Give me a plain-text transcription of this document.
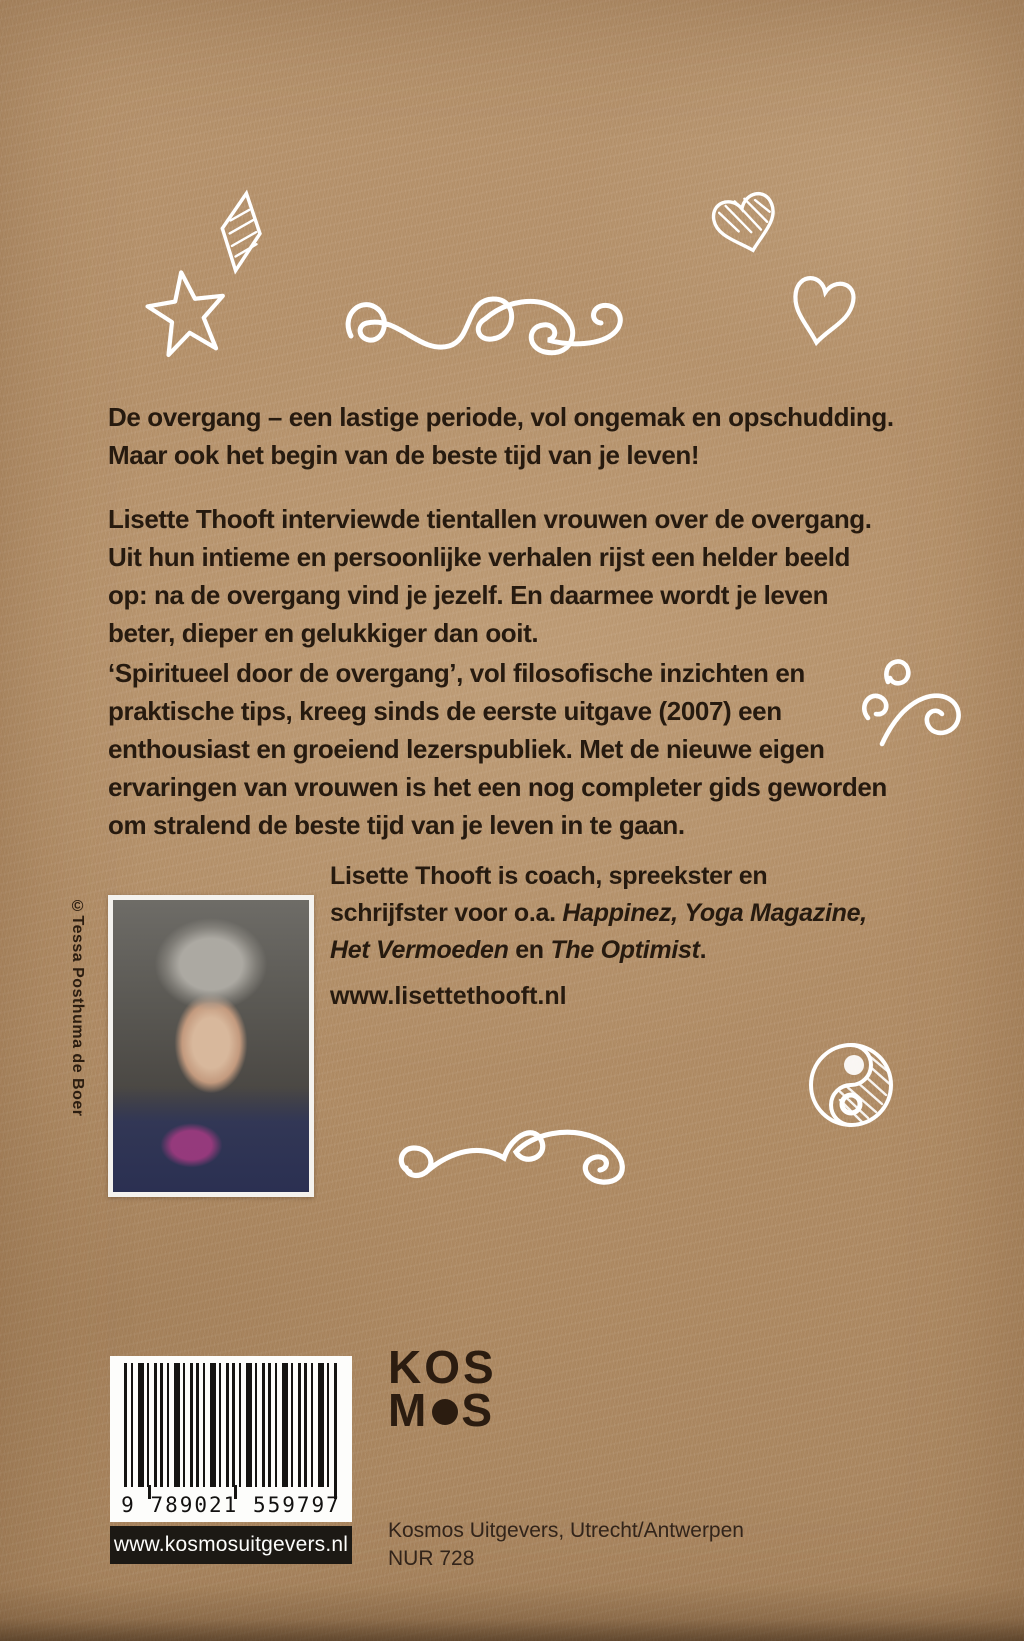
De overgang – een lastige periode, vol ongemak en opschudding.
Maar ook het begin van de beste tijd van je leven!
Lisette Thooft interviewde tientallen vrouwen over de overgang.
Uit hun intieme en persoonlijke verhalen rijst een helder beeld
op: na de overgang vind je jezelf. En daarmee wordt je leven
beter, dieper en gelukkiger dan ooit.
‘Spiritueel door de overgang’, vol filosofische inzichten en
praktische tips, kreeg sinds de eerste uitgave (2007) een
enthousiast en groeiend lezerspubliek. Met de nieuwe eigen
ervaringen van vrouwen is het een nog completer gids geworden
om stralend de beste tijd van je leven in te gaan.
©Tessa Posthuma de Boer
Lisette Thooft is coach, spreekster en
schrijfster voor o.a. Happinez, Yoga Magazine,
Het Vermoeden en The Optimist.
www.lisettethooft.nl
9 789021 559797
www.kosmosuitgevers.nl
KOS
M S
Kosmos Uitgevers, Utrecht/Antwerpen
NUR 728
